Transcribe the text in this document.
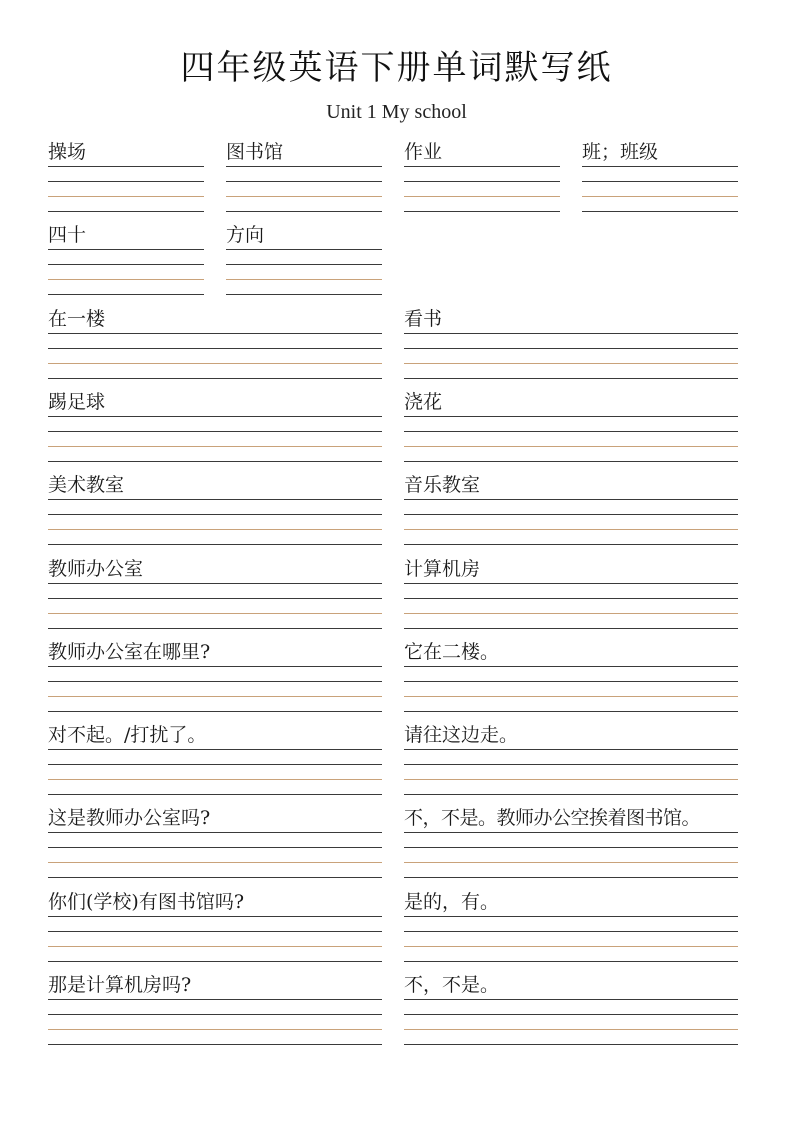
四年级英语下册单词默写纸
Unit 1 My school
操场	图书馆	作业	班；班级
四十	方向
在一楼	看书
踢足球	浇花
美术教室	音乐教室
教师办公室	计算机房
教师办公室在哪里?	它在二楼。
对不起。/打扰了。	请往这边走。
这是教师办公室吗?	不，不是。教师办公空挨着图书馆。
你们(学校)有图书馆吗?	是的，有。
那是计算机房吗?	不，不是。
